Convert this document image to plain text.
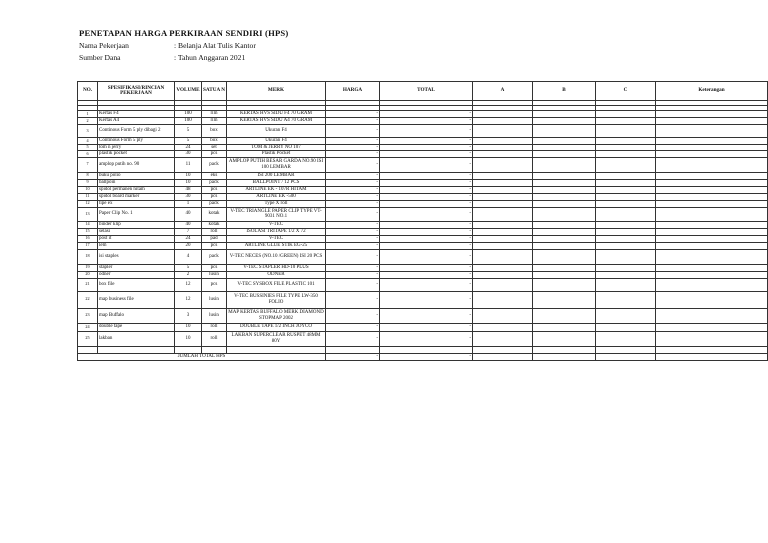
PENETAPAN HARGA PERKIRAAN SENDIRI (HPS)
Nama Pekerjaan	: Belanja Alat Tulis Kantor
Sumber Dana	: Tahun Anggaran 2021
NO.	SPESIFIKASI/RINCIAN PEKERJAAN	VOLUME	SATUA N	MERK	HARGA	TOTAL	A	B	C	Keterangan

1	Kertas F4	100	rim	KERTAS HVS SIDU F4 70 GRAM	-	-				
2	Kertas A4	100	rim	KERTAS HVS SIDU A4 70 GRAM	-	-				
3	Continous Form 5 ply dibagi 2	5	box	Ukuran F4	-	-				
4	Continous Form 5 ply	5	box	Ukuran F4	-	-				
5	tom n jerry	24	set	TOM & JERRY NO 107	-	-				
6	plastik pocket	30	pcs	Plastik Pocket	-	-				
7	amplop putih no. 90	11	pack	AMPLOP PUTIH BESAR GARDA NO.90 ISI 100 LEMBAR	-	-				
8	buku polio	10	eks	ISI 200 LEMBAR	-	-				
9	ballpoin	10	pack	BALLPOINT / 12 PCS	-	-				
10	spidol permanen hitam	48	pcs	ARTLINE EK - 107R HITAM	-	-				
11	spidol board marker	30	pcs	ARTLINE EK -500	-	-				
12	tipe ex	1	pack	Type X roll	-	-				
13	Paper Clip No. 1	40	kotak	V-TEC TRIANGLE PAPER CLIP TYPE VT-9031 NO.1	-	-				
14	binder klip	40	kotak	V-TEC	-	-				
15	selasi	7	roll	ISOLASI TRITAPE 1/2 X 72	-	-				
16	post it	24	pad	V-TEC	-	-				
17	lem	20	pcs	ARTLINE GLUE STIK EG-25	-	-				
18	isi staples	4	pack	V-TEC NECES (NO.10 /GREEN) ISI 20 PCS	-	-				
19	stapler	5	pcs	V-TEC STAPLER HD-10 PLUS	-	-				
20	odner	2	lusin	ODNER	-	-				
21	box file	12	pcs	V-TEC SYSBOX FILE PLASTIC 101	-	-				
22	map business file	12	lusin	V-TEC BUSSINIES FILE TYPE LW-350 FOLIO	-	-				
23	map Buffalo	3	lusin	MAP KERTAS BUFFALO MERK DIAMOND STOPMAP 2002	-	-				
24	double tape	10	roll	DOUBLE TAPE 1/2 INCH JOYCO	-	-				
25	lakban	10	roll	LAKBAN SUPERCLEAR RUSPET 48MM 80Y	-	-				

JUMLAH TOTAL HPS					-	-				
